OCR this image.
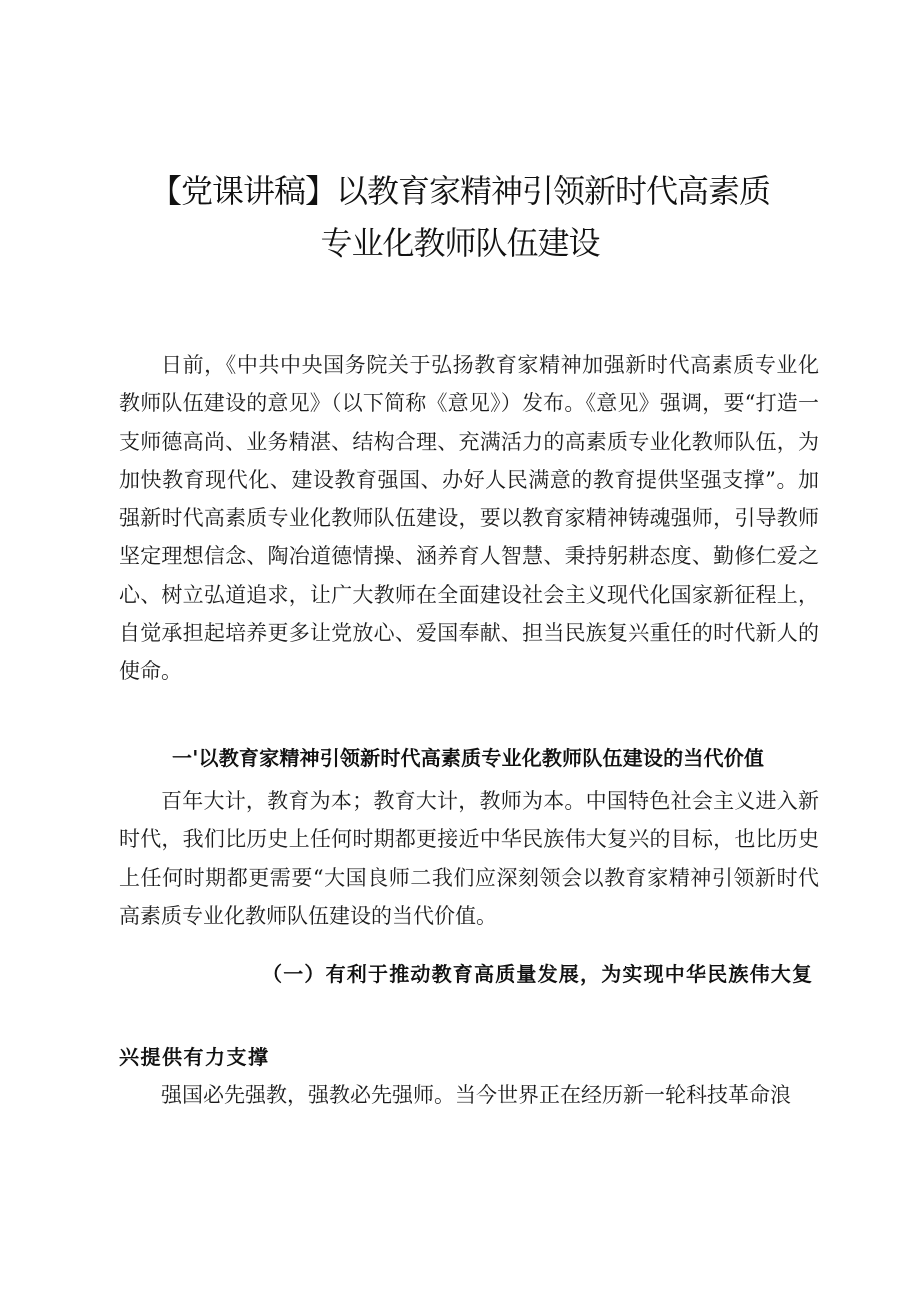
【党课讲稿】以教育家精神引领新时代高素质
专业化教师队伍建设

日前，《中共中央国务院关于弘扬教育家精神加强新时代高素质专业化教师队伍建设的意见》（以下简称《意见》）发布。《意见》强调，要“打造一支师德高尚、业务精湛、结构合理、充满活力的高素质专业化教师队伍，为加快教育现代化、建设教育强国、办好人民满意的教育提供坚强支撑”。加强新时代高素质专业化教师队伍建设，要以教育家精神铸魂强师，引导教师坚定理想信念、陶冶道德情操、涵养育人智慧、秉持躬耕态度、勤修仁爱之心、树立弘道追求，让广大教师在全面建设社会主义现代化国家新征程上，自觉承担起培养更多让党放心、爱国奉献、担当民族复兴重任的时代新人的使命。

一'以教育家精神引领新时代高素质专业化教师队伍建设的当代价值

百年大计，教育为本；教育大计，教师为本。中国特色社会主义进入新时代，我们比历史上任何时期都更接近中华民族伟大复兴的目标，也比历史上任何时期都更需要“大国良师二我们应深刻领会以教育家精神引领新时代高素质专业化教师队伍建设的当代价值。

（一）有利于推动教育高质量发展，为实现中华民族伟大复

兴提供有力支撑

强国必先强教，强教必先强师。当今世界正在经历新一轮科技革命浪
